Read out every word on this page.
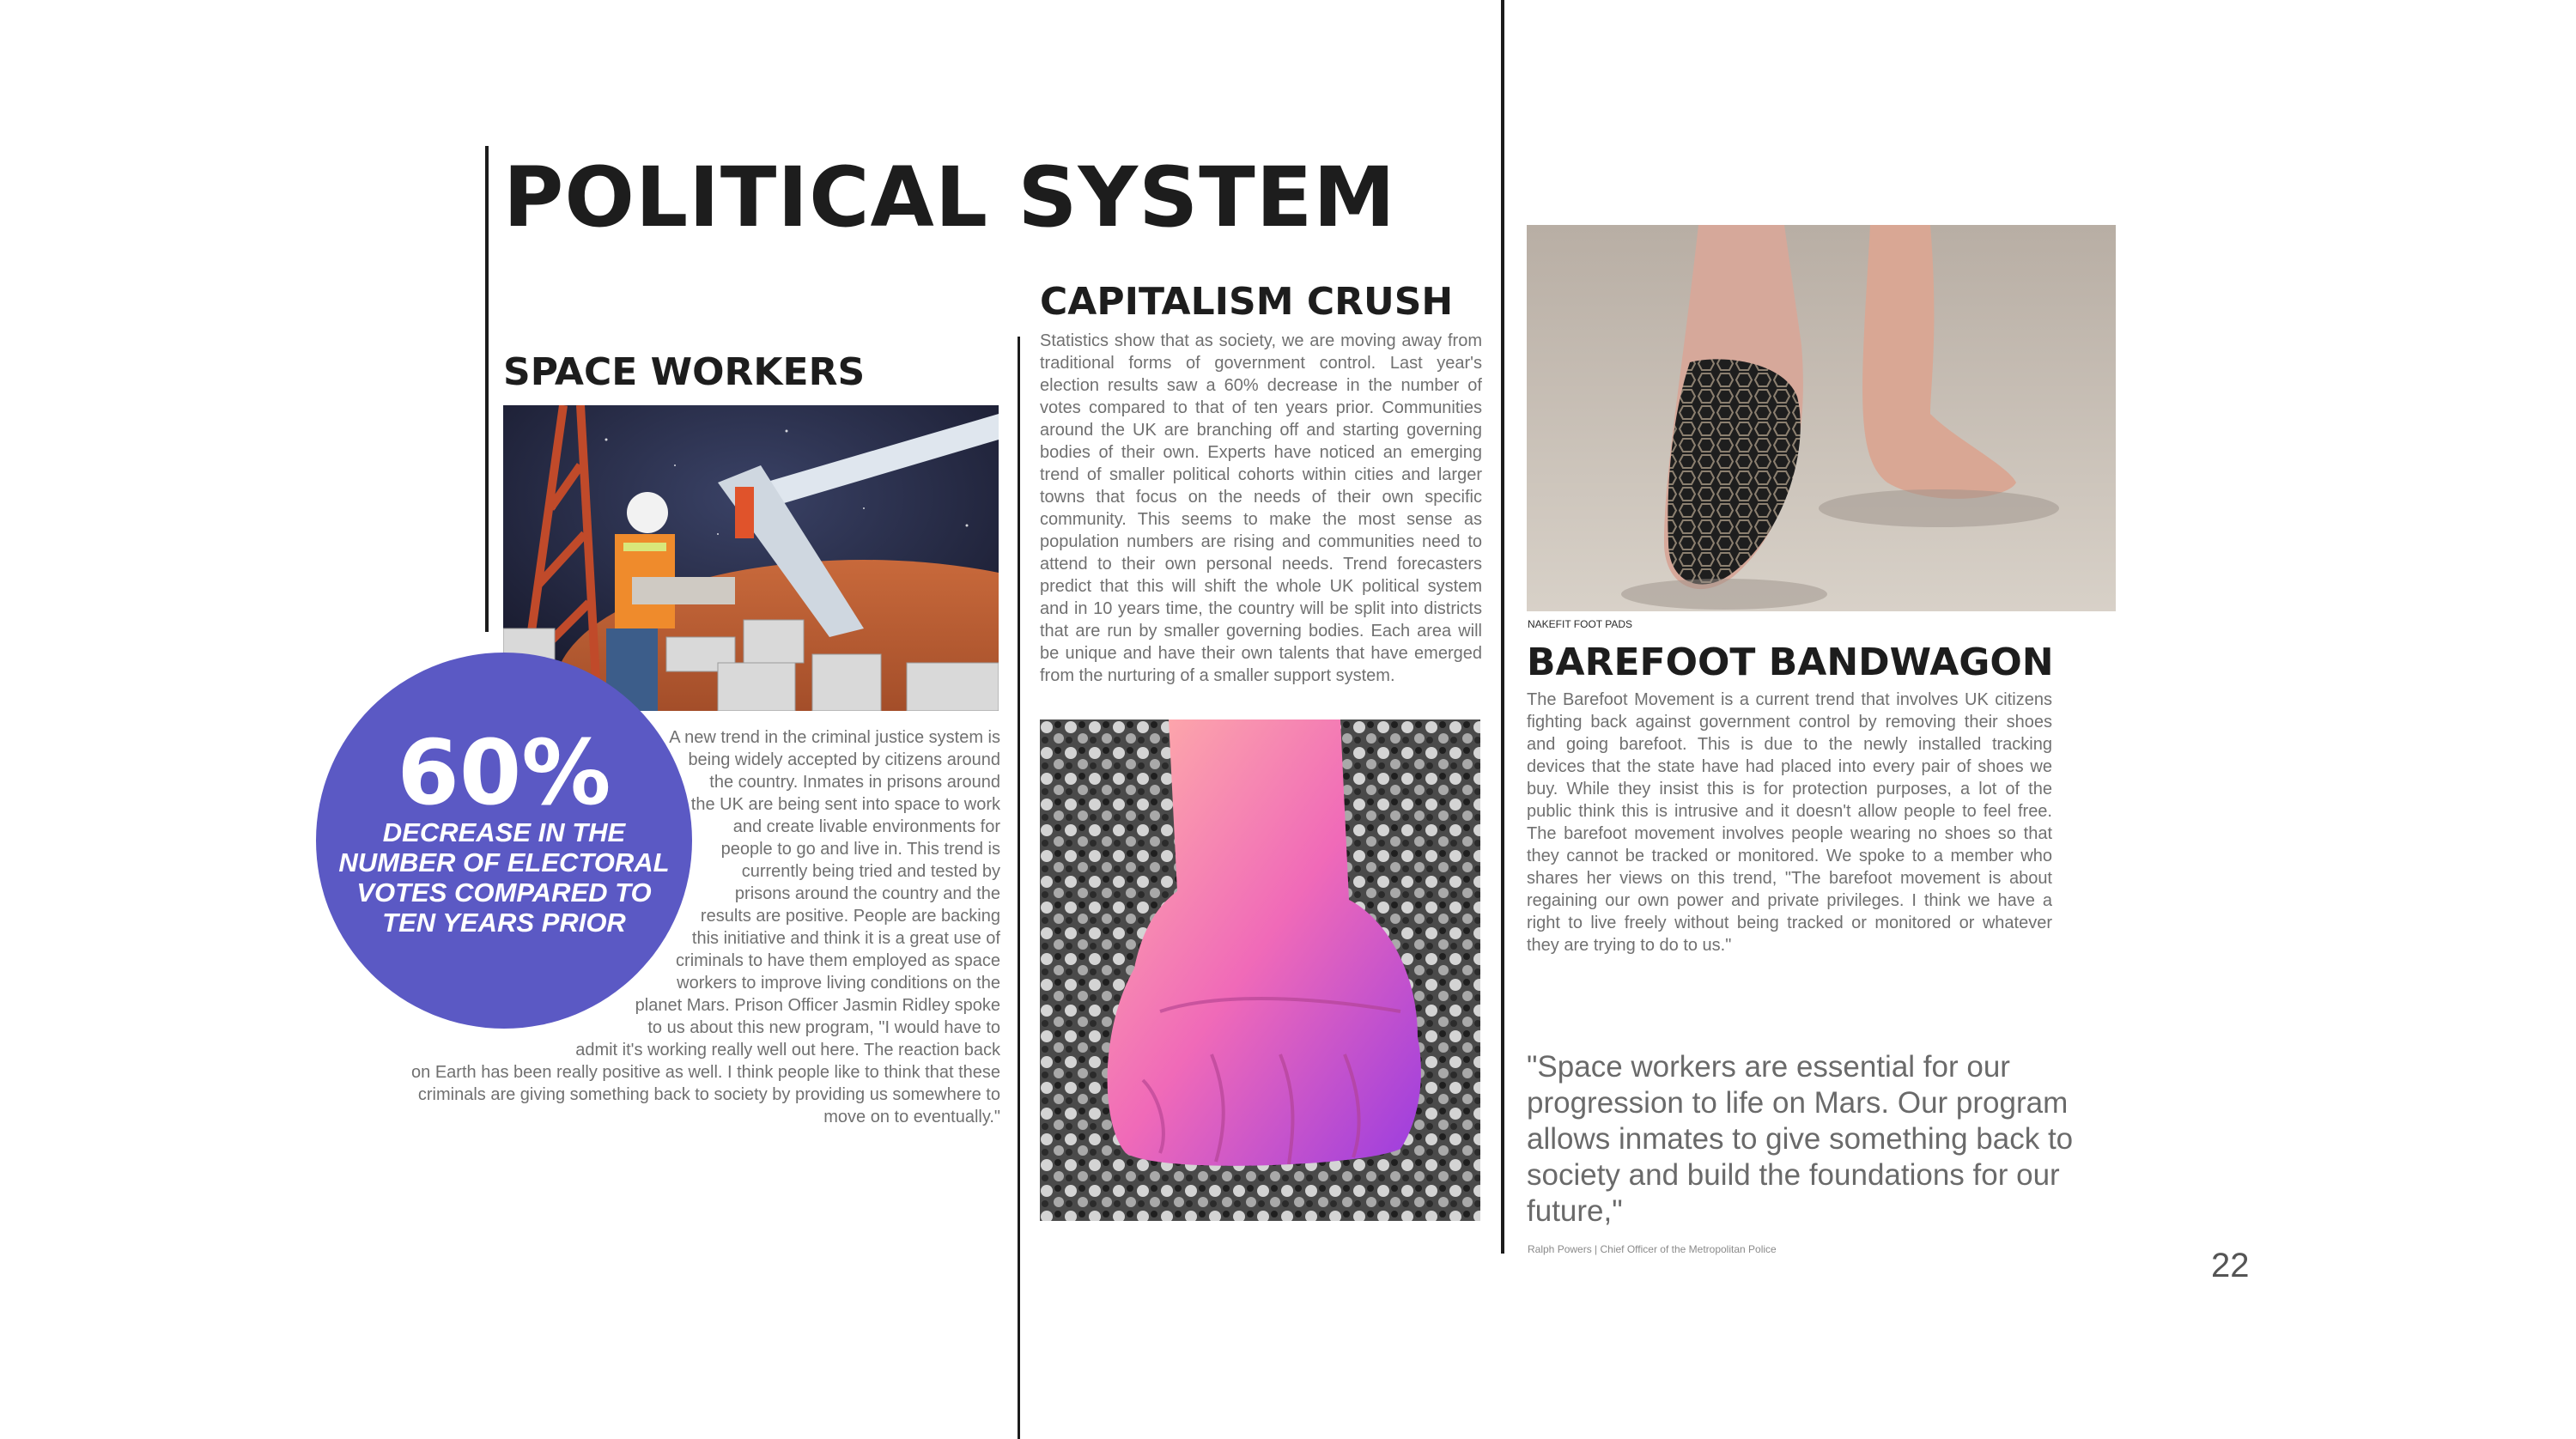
POLITICAL SYSTEM
SPACE WORKERS

60%

DECREASE IN THE NUMBER OF ELECTORAL VOTES COMPARED TO TEN YEARS PRIOR

A new trend in the criminal justice system is being widely accepted by citizens around the country. Inmates in prisons around the UK are being sent into space to work and create livable environments for people to go and live in. This trend is currently being tried and tested by prisons around the country and the results are positive. People are backing this initiative and think it is a great use of criminals to have them employed as space workers to improve living conditions on the planet Mars. Prison Officer Jasmin Ridley spoke to us about this new program, "I would have to admit it's working really well out here. The reaction back on Earth has been really positive as well. I think people like to think that these criminals are giving something back to society by providing us somewhere to move on to eventually."
CAPITALISM CRUSH

Statistics show that as society, we are moving away from traditional forms of government control. Last year's election results saw a 60% decrease in the number of votes compared to that of ten years prior. Communities around the UK are branching off and starting governing bodies of their own. Experts have noticed an emerging trend of smaller political cohorts within cities and larger towns that focus on the needs of their own specific community. This seems to make the most sense as population numbers are rising and communities need to attend to their own personal needs. Trend forecasters predict that this will shift the whole UK political system and in 10 years time, the country will be split into districts that are run by smaller governing bodies. Each area will be unique and have their own talents that have emerged from the nurturing of a smaller support system.

NAKEFIT FOOT PADS

BAREFOOT BANDWAGON

The Barefoot Movement is a current trend that involves UK citizens fighting back against government control by removing their shoes and going barefoot. This is due to the newly installed tracking devices that the state have had placed into every pair of shoes we buy. While they insist this is for protection purposes, a lot of the public think this is intrusive and it doesn't allow people to feel free. The barefoot movement involves people wearing no shoes so that they cannot be tracked or monitored. We spoke to a member who shares her views on this trend, "The barefoot movement is about regaining our own power and private privileges. I think we have a right to live freely without being tracked or monitored or whatever they are trying to do to us."

"Space workers are essential for our progression to life on Mars. Our program allows inmates to give something back to society and build the foundations for our future,"

Ralph Powers | Chief Officer of the Metropolitan Police	22
